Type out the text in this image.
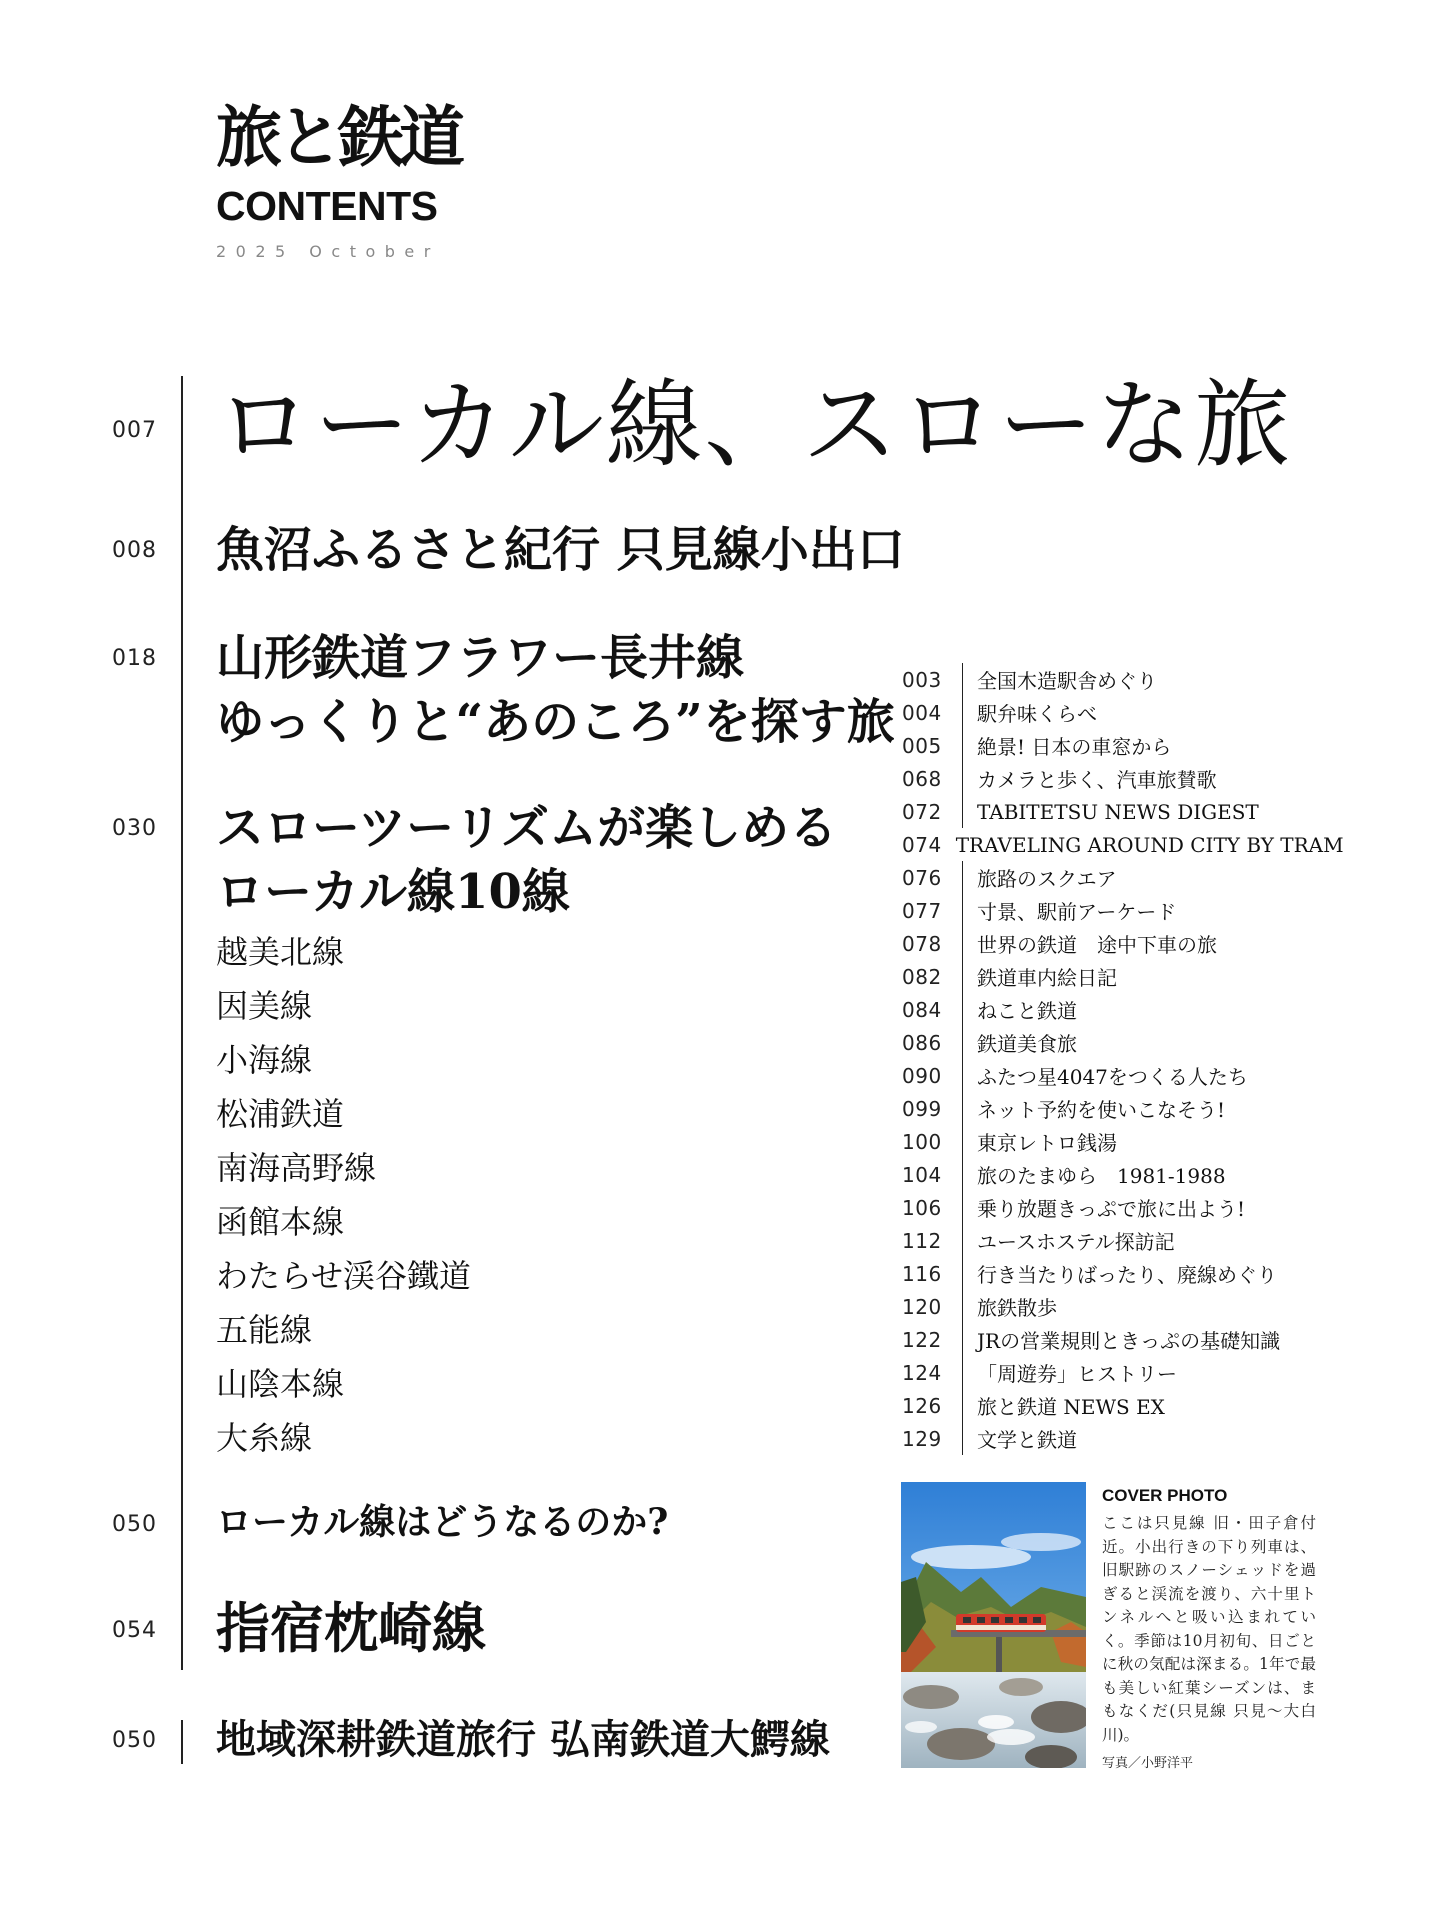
旅と鉄道
CONTENTS
2025 October
007 ローカル線、スローな旅
008 魚沼ふるさと紀行 只見線小出口
018 山形鉄道フラワー長井線
ゆっくりと“あのころ”を探す旅
030 スローツーリズムが楽しめる
ローカル線10線
越美北線
因美線
小海線
松浦鉄道
南海高野線
函館本線
わたらせ渓谷鐵道
五能線
山陰本線
大糸線
050	ローカル線はどうなるのか?
054 指宿枕崎線
050 地域深耕鉄道旅行 弘南鉄道大鰐線
003	全国木造駅舎めぐり
004	駅弁味くらべ
005	絶景! 日本の車窓から
068	カメラと歩く、汽車旅賛歌
072	TABITETSU NEWS DIGEST
074 TRAVELING AROUND CITY BY TRAM
076	旅路のスクエア
077	寸景、駅前アーケード
078	世界の鉄道　途中下車の旅
082	鉄道車内絵日記
084	ねこと鉄道
086	鉄道美食旅
090	ふたつ星4047をつくる人たち
099	ネット予約を使いこなそう!
100	東京レトロ銭湯
104	旅のたまゆら　1981-1988
106	乗り放題きっぷで旅に出よう!
112	ユースホステル探訪記
116	行き当たりばったり、廃線めぐり
120	旅鉄散歩
122	JRの営業規則ときっぷの基礎知識
124	「周遊券」ヒストリー
126	旅と鉄道 NEWS EX
129	文学と鉄道
COVER PHOTO

ここは只見線 旧・田子倉付近。小出行きの下り列車は、旧駅跡のスノーシェッドを過ぎると渓流を渡り、六十里トンネルへと吸い込まれていく。季節は10月初旬、日ごとに秋の気配は深まる。1年で最も美しい紅葉シーズンは、まもなくだ(只見線 只見～大白川)。

写真／小野洋平
